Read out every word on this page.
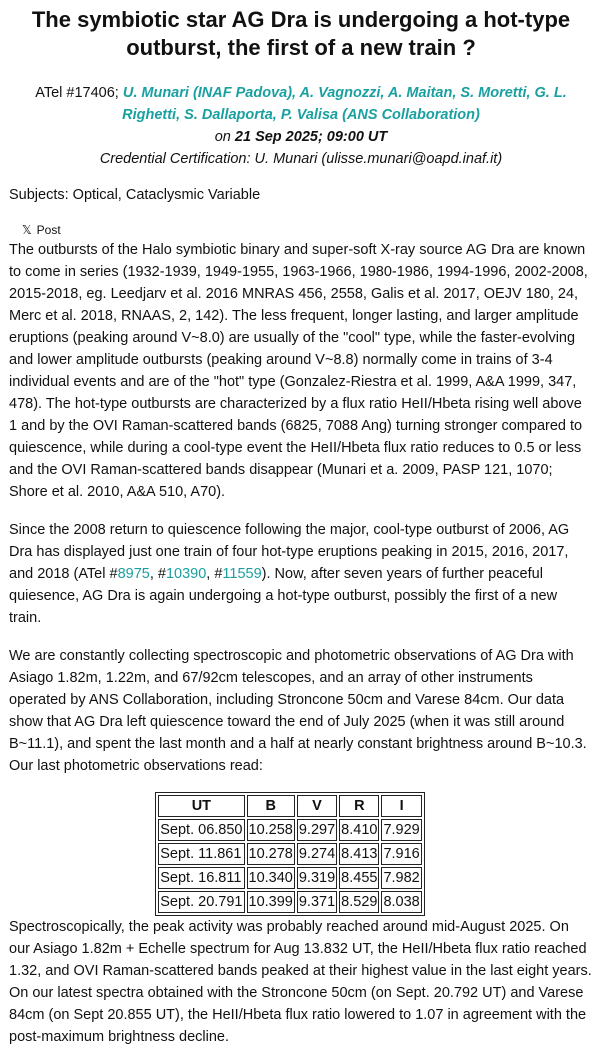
The symbiotic star AG Dra is undergoing a hot-type outburst, the first of a new train ?
ATel #17406; U. Munari (INAF Padova), A. Vagnozzi, A. Maitan, S. Moretti, G. L. Righetti, S. Dallaporta, P. Valisa (ANS Collaboration)
on 21 Sep 2025; 09:00 UT
Credential Certification: U. Munari (ulisse.munari@oapd.inaf.it)
Subjects: Optical, Cataclysmic Variable
𝕏 Post

The outbursts of the Halo symbiotic binary and super-soft X-ray source AG Dra are known to come in series (1932-1939, 1949-1955, 1963-1966, 1980-1986, 1994-1996, 2002-2008, 2015-2018, eg. Leedjarv et al. 2016 MNRAS 456, 2558, Galis et al. 2017, OEJV 180, 24, Merc et al. 2018, RNAAS, 2, 142). The less frequent, longer lasting, and larger amplitude eruptions (peaking around V~8.0) are usually of the "cool" type, while the faster-evolving and lower amplitude outbursts (peaking around V~8.8) normally come in trains of 3-4 individual events and are of the "hot" type (Gonzalez-Riestra et al. 1999, A&A 1999, 347, 478). The hot-type outbursts are characterized by a flux ratio HeII/Hbeta rising well above 1 and by the OVI Raman-scattered bands (6825, 7088 Ang) turning stronger compared to quiescence, while during a cool-type event the HeII/Hbeta flux ratio reduces to 0.5 or less and the OVI Raman-scattered bands disappear (Munari et a. 2009, PASP 121, 1070; Shore et al. 2010, A&A 510, A70).

Since the 2008 return to quiescence following the major, cool-type outburst of 2006, AG Dra has displayed just one train of four hot-type eruptions peaking in 2015, 2016, 2017, and 2018 (ATel #8975, #10390, #11559). Now, after seven years of further peaceful quiesence, AG Dra is again undergoing a hot-type outburst, possibly the first of a new train.

We are constantly collecting spectroscopic and photometric observations of AG Dra with Asiago 1.82m, 1.22m, and 67/92cm telescopes, and an array of other instruments operated by ANS Collaboration, including Stroncone 50cm and Varese 84cm. Our data show that AG Dra left quiescence toward the end of July 2025 (when it was still around B~11.1), and spent the last month and a half at nearly constant brightness around B~10.3. Our last photometric observations read:

UT	B	V	R	I
Sept. 06.850	10.258	9.297	8.410	7.929
Sept. 11.861	10.278	9.274	8.413	7.916
Sept. 16.811	10.340	9.319	8.455	7.982
Sept. 20.791	10.399	9.371	8.529	8.038

Spectroscopically, the peak activity was probably reached around mid-August 2025. On our Asiago 1.82m + Echelle spectrum for Aug 13.832 UT, the HeII/Hbeta flux ratio reached 1.32, and OVI Raman-scattered bands peaked at their highest value in the last eight years. On our latest spectra obtained with the Stroncone 50cm (on Sept. 20.792 UT) and Varese 84cm (on Sept 20.855 UT), the HeII/Hbeta flux ratio lowered to 1.07 in agreement with the post-maximum brightness decline.
